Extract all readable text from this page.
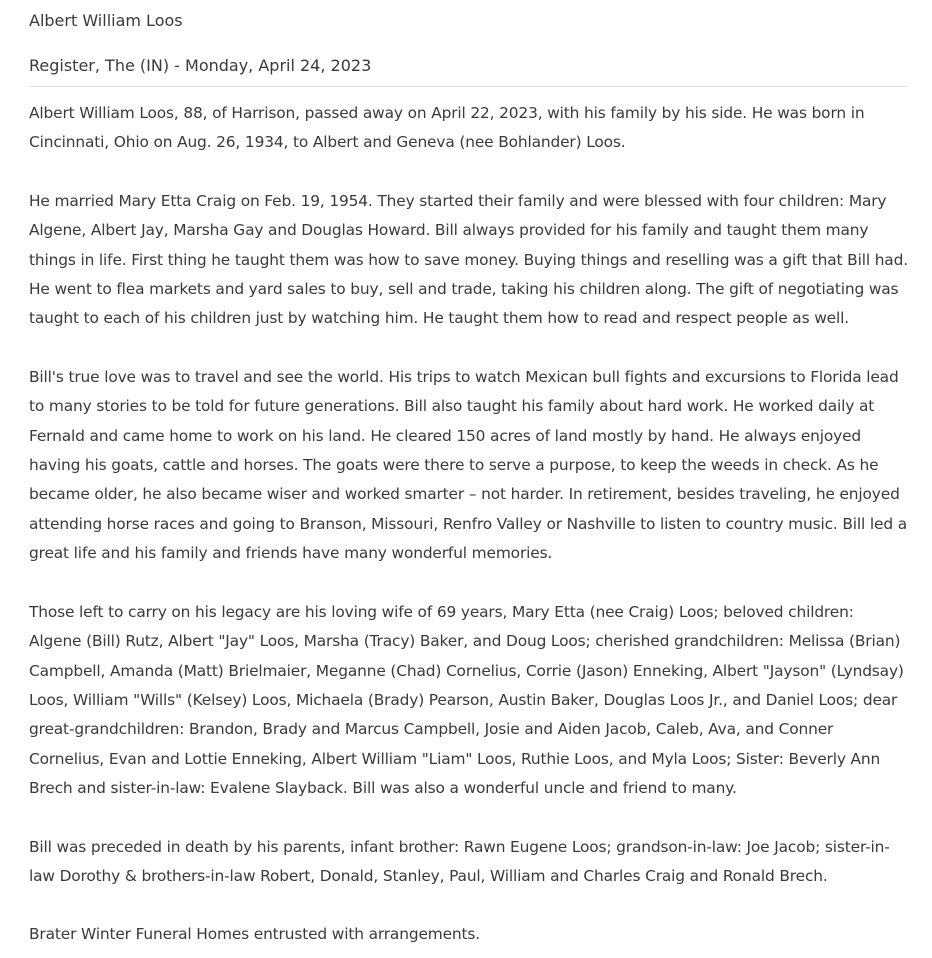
Albert William Loos
Register, The (IN) - Monday, April 24, 2023

Albert William Loos, 88, of Harrison, passed away on April 22, 2023, with his family by his side. He was born in Cincinnati, Ohio on Aug. 26, 1934, to Albert and Geneva (nee Bohlander) Loos.

He married Mary Etta Craig on Feb. 19, 1954. They started their family and were blessed with four children: Mary Algene, Albert Jay, Marsha Gay and Douglas Howard. Bill always provided for his family and taught them many things in life. First thing he taught them was how to save money. Buying things and reselling was a gift that Bill had. He went to flea markets and yard sales to buy, sell and trade, taking his children along. The gift of negotiating was taught to each of his children just by watching him. He taught them how to read and respect people as well.

Bill's true love was to travel and see the world. His trips to watch Mexican bull fights and excursions to Florida lead to many stories to be told for future generations. Bill also taught his family about hard work. He worked daily at Fernald and came home to work on his land. He cleared 150 acres of land mostly by hand. He always enjoyed having his goats, cattle and horses. The goats were there to serve a purpose, to keep the weeds in check. As he became older, he also became wiser and worked smarter – not harder. In retirement, besides traveling, he enjoyed attending horse races and going to Branson, Missouri, Renfro Valley or Nashville to listen to country music. Bill led a great life and his family and friends have many wonderful memories.

Those left to carry on his legacy are his loving wife of 69 years, Mary Etta (nee Craig) Loos; beloved children: Algene (Bill) Rutz, Albert "Jay" Loos, Marsha (Tracy) Baker, and Doug Loos; cherished grandchildren: Melissa (Brian) Campbell, Amanda (Matt) Brielmaier, Meganne (Chad) Cornelius, Corrie (Jason) Enneking, Albert "Jayson" (Lyndsay) Loos, William "Wills" (Kelsey) Loos, Michaela (Brady) Pearson, Austin Baker, Douglas Loos Jr., and Daniel Loos; dear great-grandchildren: Brandon, Brady and Marcus Campbell, Josie and Aiden Jacob, Caleb, Ava, and Conner Cornelius, Evan and Lottie Enneking, Albert William "Liam" Loos, Ruthie Loos, and Myla Loos; Sister: Beverly Ann Brech and sister-in-law: Evalene Slayback. Bill was also a wonderful uncle and friend to many.

Bill was preceded in death by his parents, infant brother: Rawn Eugene Loos; grandson-in-law: Joe Jacob; sister-in-law Dorothy & brothers-in-law Robert, Donald, Stanley, Paul, William and Charles Craig and Ronald Brech.

Brater Winter Funeral Homes entrusted with arrangements.
